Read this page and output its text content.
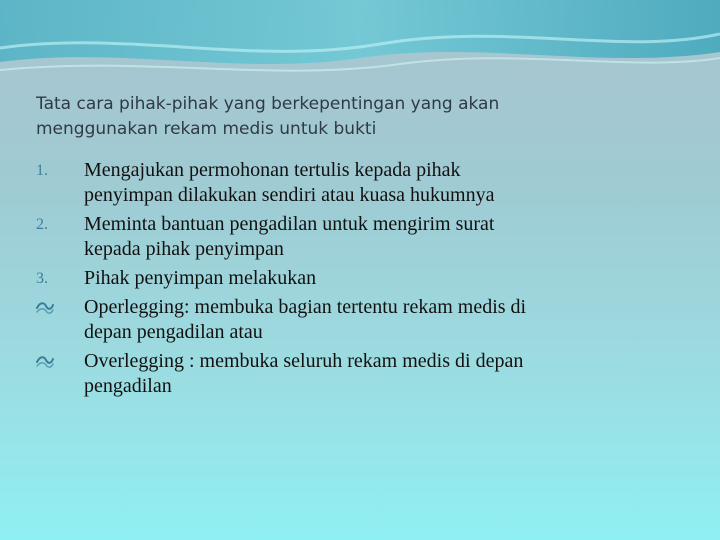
Tata cara pihak-pihak yang berkepentingan yang akan
menggunakan rekam medis untuk bukti
1.	Mengajukan permohonan tertulis kepada pihak
penyimpan dilakukan sendiri atau kuasa hukumnya
2.	Meminta bantuan pengadilan untuk mengirim surat
kepada pihak penyimpan
3.	Pihak penyimpan melakukan
Operlegging: membuka bagian tertentu rekam medis di
depan pengadilan atau
Overlegging : membuka seluruh rekam medis di depan
pengadilan
